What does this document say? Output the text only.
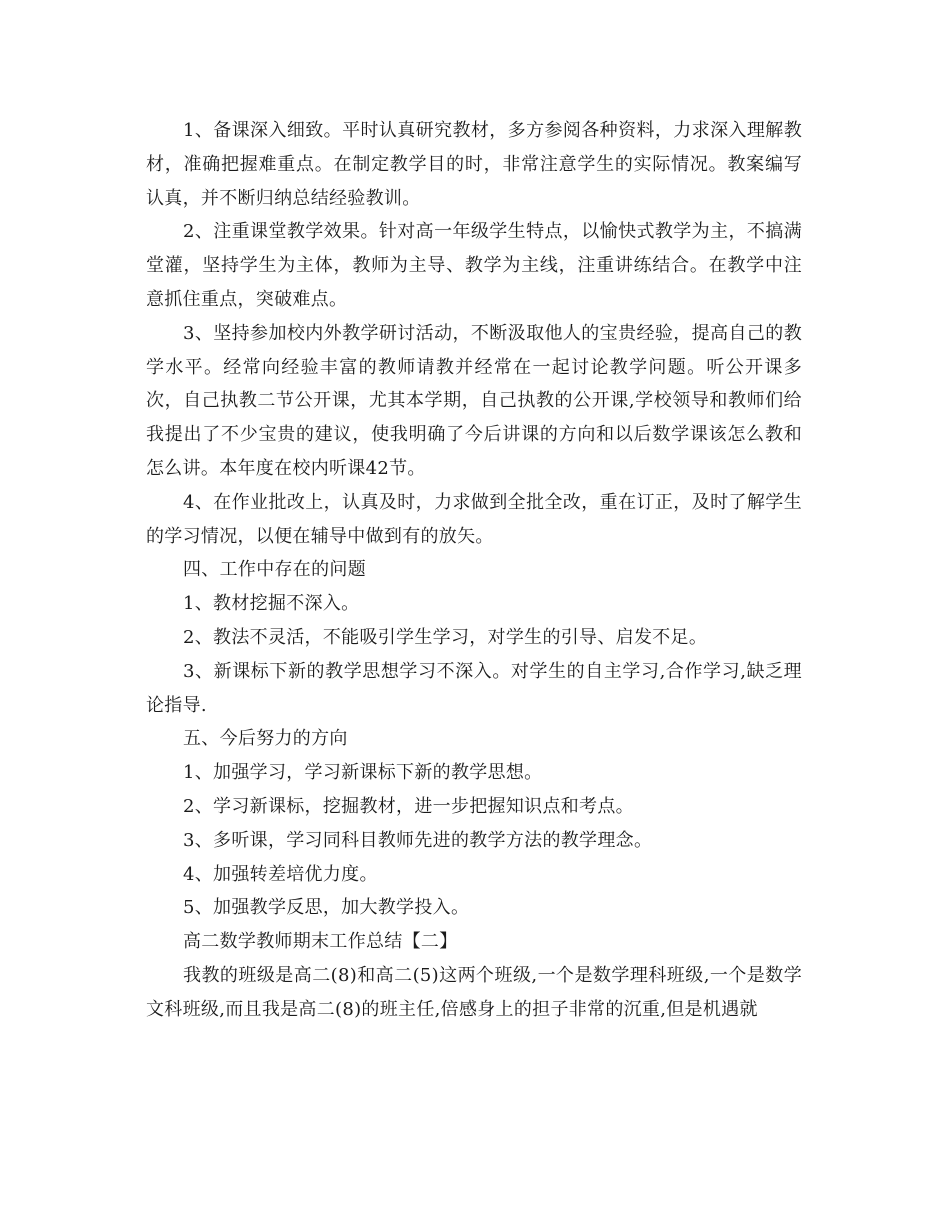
1、备课深入细致。平时认真研究教材，多方参阅各种资料，力求深入理解教材，准确把握难重点。在制定教学目的时，非常注意学生的实际情况。教案编写认真，并不断归纳总结经验教训。

2、注重课堂教学效果。针对高一年级学生特点，以愉快式教学为主，不搞满堂灌，坚持学生为主体，教师为主导、教学为主线，注重讲练结合。在教学中注意抓住重点，突破难点。

3、坚持参加校内外教学研讨活动，不断汲取他人的宝贵经验，提高自己的教学水平。经常向经验丰富的教师请教并经常在一起讨论教学问题。听公开课多次，自己执教二节公开课，尤其本学期，自己执教的公开课,学校领导和教师们给我提出了不少宝贵的建议，使我明确了今后讲课的方向和以后数学课该怎么教和怎么讲。本年度在校内听课42节。

4、在作业批改上，认真及时，力求做到全批全改，重在订正，及时了解学生的学习情况，以便在辅导中做到有的放矢。

四、工作中存在的问题

1、教材挖掘不深入。

2、教法不灵活，不能吸引学生学习，对学生的引导、启发不足。

3、新课标下新的教学思想学习不深入。对学生的自主学习,合作学习,缺乏理论指导.

五、今后努力的方向

1、加强学习，学习新课标下新的教学思想。

2、学习新课标，挖掘教材，进一步把握知识点和考点。

3、多听课，学习同科目教师先进的教学方法的教学理念。

4、加强转差培优力度。

5、加强教学反思，加大教学投入。

高二数学教师期末工作总结【二】

我教的班级是高二(8)和高二(5)这两个班级,一个是数学理科班级,一个是数学文科班级,而且我是高二(8)的班主任,倍感身上的担子非常的沉重,但是机遇就
